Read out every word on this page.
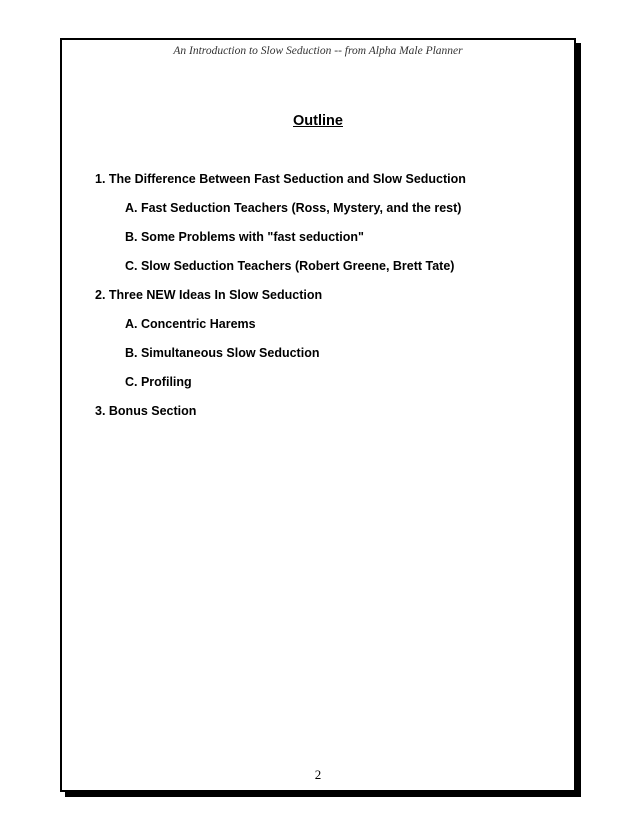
An Introduction to Slow Seduction -- from Alpha Male Planner
Outline
1. The Difference Between Fast Seduction and Slow Seduction
A. Fast Seduction Teachers (Ross, Mystery, and the rest)
B. Some Problems with "fast seduction"
C. Slow Seduction Teachers (Robert Greene, Brett Tate)
2. Three NEW Ideas In Slow Seduction
A. Concentric Harems
B. Simultaneous Slow Seduction
C. Profiling
3. Bonus Section
2
